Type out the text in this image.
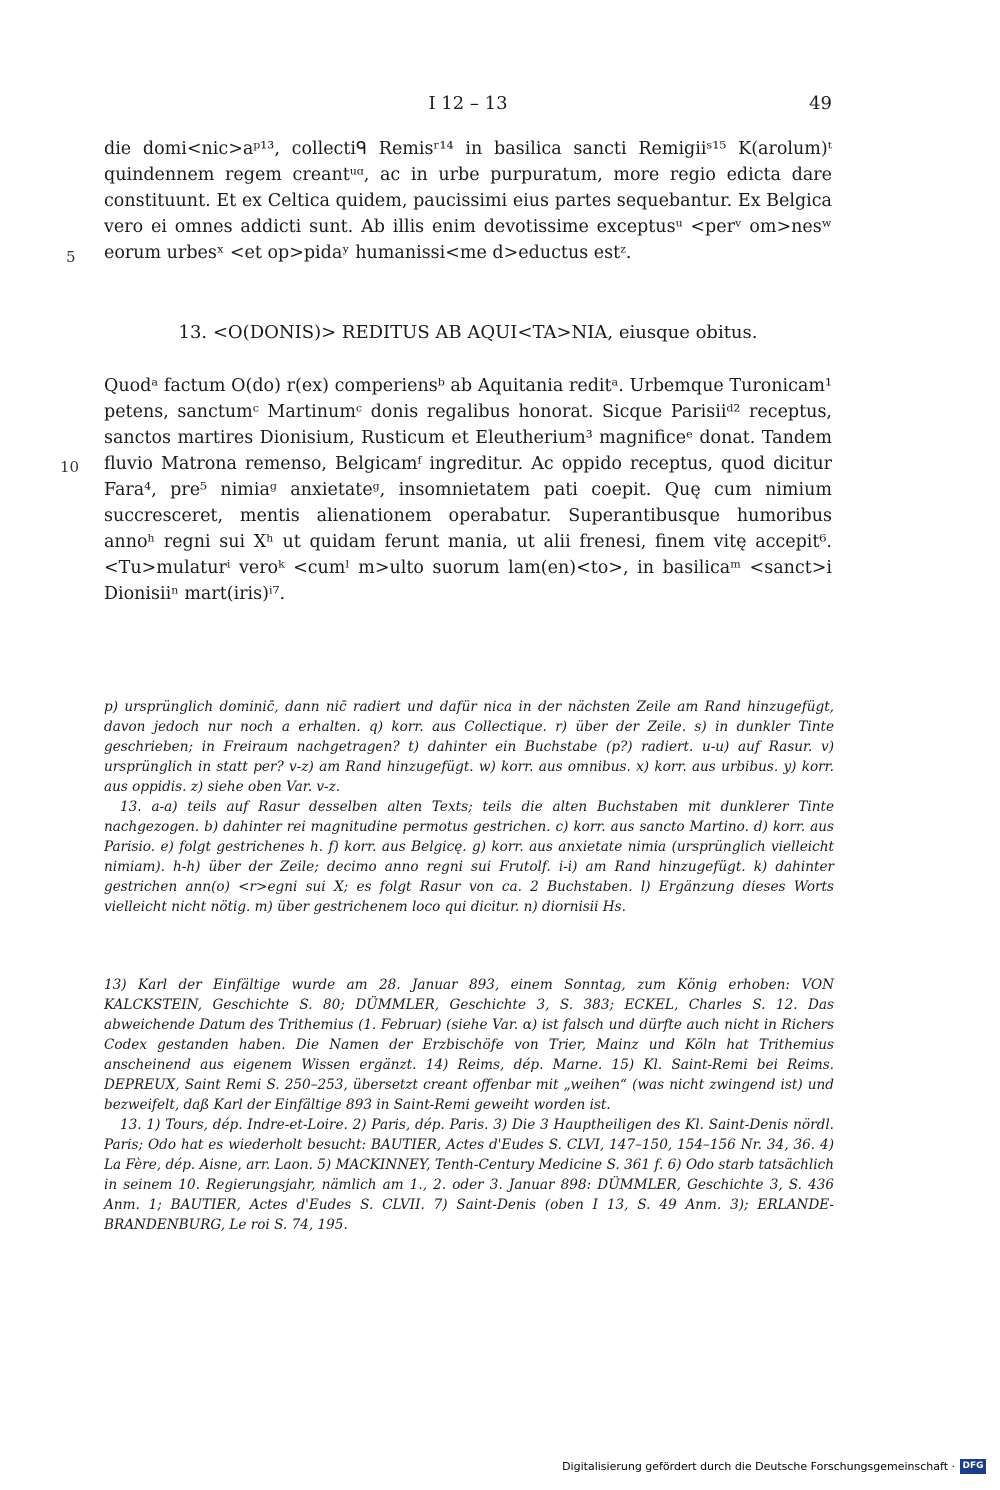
I 12 – 13	49

die domi<nic>aᵖ¹³, collectiᑫ Remisʳ¹⁴ in basilica sancti Remigiiˢ¹⁵ K(arolum)ᵗ quindennem regem creantᵘᵅ, ac in urbe purpuratum, more regio edicta dare constituunt. Et ex Celtica quidem, paucissimi eius partes sequebantur. Ex Belgica vero ei omnes addicti sunt. Ab illis enim devotissime exceptusᵘ <perᵛ om>nesʷ eorum urbesˣ <et op>pidaʸ humanissi<me d>eductus estᶻ.

5
13. <O(DONIS)> REDITUS AB AQUI<TA>NIA, eiusque obitus.

Quodᵃ factum O(do) r(ex) comperiensᵇ ab Aquitania reditᵃ. Urbemque Turonicam¹ petens, sanctumᶜ Martinumᶜ donis regalibus honorat. Sicque Parisiiᵈ² receptus, sanctos martires Dionisium, Rusticum et Eleutherium³ magnificeᵉ donat. Tandem fluvio Matrona remenso, Belgicamᶠ ingreditur. Ac oppido receptus, quod dicitur Fara⁴, pre⁵ nimiaᵍ anxietateᵍ, insomnietatem pati coepit. Quę cum nimium succresceret, mentis alienationem operabatur. Superantibusque humoribus annoʰ regni sui Xʰ ut quidam ferunt mania, ut alii frenesi, finem vitę accepit⁶. <Tu>mulaturⁱ veroᵏ <cumˡ m>ulto suorum lam(en)<to>, in basilicaᵐ <sanct>i Dionisiiⁿ mart(iris)ⁱ⁷.

10

p) ursprünglich dominic̄, dann nic̄ radiert und dafür nica in der nächsten Zeile am Rand hinzugefügt, davon jedoch nur noch a erhalten. q) korr. aus Collectique. r) über der Zeile. s) in dunkler Tinte geschrieben; in Freiraum nachgetragen? t) dahinter ein Buchstabe (p?) radiert. u-u) auf Rasur. v) ursprünglich in statt per? v-z) am Rand hinzugefügt. w) korr. aus omnibus. x) korr. aus urbibus. y) korr. aus oppidis. z) siehe oben Var. v-z.

13. a-a) teils auf Rasur desselben alten Texts; teils die alten Buchstaben mit dunklerer Tinte nachgezogen. b) dahinter rei magnitudine permotus gestrichen. c) korr. aus sancto Martino. d) korr. aus Parisio. e) folgt gestrichenes h. f) korr. aus Belgicę. g) korr. aus anxietate nimia (ursprünglich vielleicht nimiam). h-h) über der Zeile; decimo anno regni sui Frutolf. i-i) am Rand hinzugefügt. k) dahinter gestrichen ann(o) <r>egni sui X; es folgt Rasur von ca. 2 Buchstaben. l) Ergänzung dieses Worts vielleicht nicht nötig. m) über gestrichenem loco qui dicitur. n) diornisii Hs.

13) Karl der Einfältige wurde am 28. Januar 893, einem Sonntag, zum König erhoben: VON KALCKSTEIN, Geschichte S. 80; DÜMMLER, Geschichte 3, S. 383; ECKEL, Charles S. 12. Das abweichende Datum des Trithemius (1. Februar) (siehe Var. α) ist falsch und dürfte auch nicht in Richers Codex gestanden haben. Die Namen der Erzbischöfe von Trier, Mainz und Köln hat Trithemius anscheinend aus eigenem Wissen ergänzt. 14) Reims, dép. Marne. 15) Kl. Saint-Remi bei Reims. DEPREUX, Saint Remi S. 250–253, übersetzt creant offenbar mit „weihen“ (was nicht zwingend ist) und bezweifelt, daß Karl der Einfältige 893 in Saint-Remi geweiht worden ist.

13. 1) Tours, dép. Indre-et-Loire. 2) Paris, dép. Paris. 3) Die 3 Hauptheiligen des Kl. Saint-Denis nördl. Paris; Odo hat es wiederholt besucht: BAUTIER, Actes d'Eudes S. CLVI, 147–150, 154–156 Nr. 34, 36. 4) La Fère, dép. Aisne, arr. Laon. 5) MACKINNEY, Tenth-Century Medicine S. 361 f. 6) Odo starb tatsächlich in seinem 10. Regierungsjahr, nämlich am 1., 2. oder 3. Januar 898: DÜMMLER, Geschichte 3, S. 436 Anm. 1; BAUTIER, Actes d'Eudes S. CLVII. 7) Saint-Denis (oben I 13, S. 49 Anm. 3); ERLANDE-BRANDENBURG, Le roi S. 74, 195.

Digitalisierung gefördert durch die Deutsche Forschungsgemeinschaft · DFG
